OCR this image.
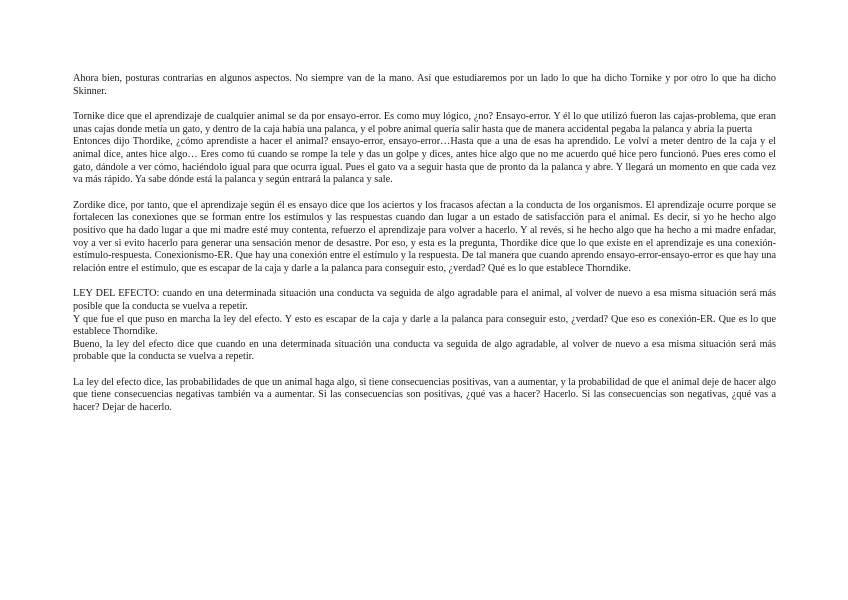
Ahora bien, posturas contrarias en algunos aspectos. No siempre van de la mano. Así que estudiaremos por un lado lo que ha dicho Tornike y por otro lo que ha dicho Skinner.

Tornike dice que el aprendizaje de cualquier animal se da por ensayo-error. Es como muy lógico, ¿no? Ensayo-error. Y él lo que utilizó fueron las cajas-problema, que eran unas cajas donde metía un gato, y dentro de la caja había una palanca, y el pobre animal quería salir hasta que de manera accidental pegaba la palanca y abría la puerta

Entonces dijo Thordike, ¿cómo aprendiste a hacer el animal? ensayo-error, ensayo-error…Hasta que a una de esas ha aprendido. Le volví a meter dentro de la caja y el animal dice, antes hice algo… Eres como tú cuando se rompe la tele y das un golpe y dices, antes hice algo que no me acuerdo qué hice pero funcionó. Pues eres como el gato, dándole a ver cómo, haciéndolo igual para que ocurra igual. Pues el gato va a seguir hasta que de pronto da la palanca y abre. Y llegará un momento en que cada vez va más rápido. Ya sabe dónde está la palanca y según entrará la palanca y sale.

Zordike dice, por tanto, que el aprendizaje según él es ensayo dice que los aciertos y los fracasos afectan a la conducta de los organismos. El aprendizaje ocurre porque se fortalecen las conexiones que se forman entre los estímulos y las respuestas cuando dan lugar a un estado de satisfacción para el animal. Es decir, si yo he hecho algo positivo que ha dado lugar a que mi madre esté muy contenta, refuerzo el aprendizaje para volver a hacerlo. Y al revés, si he hecho algo que ha hecho a mi madre enfadar, voy a ver si evito hacerlo para generar una sensación menor de desastre. Por eso, y esta es la pregunta, Thordike dice que lo que existe en el aprendizaje es una conexión-estímulo-respuesta. Conexionismo-ER. Que hay una conexión entre el estímulo y la respuesta. De tal manera que cuando aprendo ensayo-error-ensayo-error es que hay una relación entre el estímulo, que es escapar de la caja y darle a la palanca para conseguir esto, ¿verdad? Qué es lo que establece Thorndike.

LEY DEL EFECTO: cuando en una determinada situación una conducta va seguida de algo agradable para el animal, al volver de nuevo a esa misma situación será más posible que la conducta se vuelva a repetir.

Y que fue el que puso en marcha la ley del efecto. Y esto es escapar de la caja y darle a la palanca para conseguir esto, ¿verdad? Que eso es conexión-ER. Que es lo que establece Thorndike.

Bueno, la ley del efecto dice que cuando en una determinada situación una conducta va seguida de algo agradable, al volver de nuevo a esa misma situación será más probable que la conducta se vuelva a repetir.

La ley del efecto dice, las probabilidades de que un animal haga algo, si tiene consecuencias positivas, van a aumentar, y la probabilidad de que el animal deje de hacer algo que tiene consecuencias negativas también va a aumentar. Si las consecuencias son positivas, ¿qué vas a hacer? Hacerlo. Si las consecuencias son negativas, ¿qué vas a hacer? Dejar de hacerlo.
